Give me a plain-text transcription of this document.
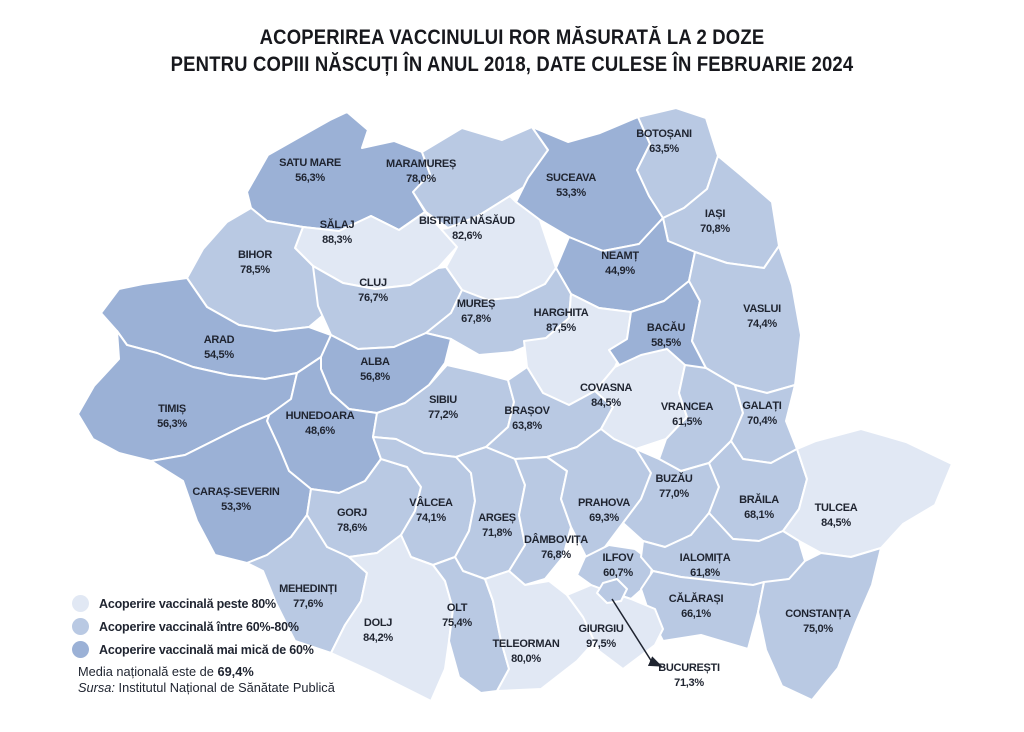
ACOPERIREA VACCINULUI ROR MĂSURATĂ LA 2 DOZE
PENTRU COPIII NĂSCUȚI ÎN ANUL 2018, DATE CULESE ÎN FEBRUARIE 2024
SATU MARE
56,3%
MARAMUREȘ
78,0%	SUCEAVA
53,3%
BOTOȘANI
63,5%
IAȘI
70,8%
SĂLAJ
88,3%
BIHOR
78,5%
BISTRIȚA NĂSĂUD
82,6%
NEAMȚ
44,9%
CLUJ
76,7%	MUREȘ
67,8%	HARGHITA
87,5%	BACĂU
58,5%
VASLUI
74,4%
ARAD
54,5%
ALBA
56,8%
TIMIȘ
56,3%
HUNEDOARA
48,6%
SIBIU
77,2%	BRAȘOV
63,8%
COVASNA
84,5%	VRANCEA
61,5%
GALAȚI
70,4%
CARAȘ-SEVERIN
53,3%	GORJ
78,6%
VÂLCEA
74,1%	ARGEȘ
71,8%
DÂMBOVIȚA
76,8%
PRAHOVA
69,3%
BUZĂU
77,0%	BRĂILA
68,1%
TULCEA
84,5%
ILFOV
60,7%
IALOMIȚA
61,8%
MEHEDINȚI
77,6%	CĂLĂRAȘI
66,1%	CONSTANȚA
75,0%
DOLJ
84,2%
OLT
75,4%
TELEORMAN
80,0%
GIURGIU
97,5%
BUCUREȘTI
71,3%
Acoperire vaccinală peste 80%
Acoperire vaccinală între 60%-80%
Acoperire vaccinală mai mică de 60%
Media națională este de 69,4%
Sursa: Institutul Național de Sănătate Publică
